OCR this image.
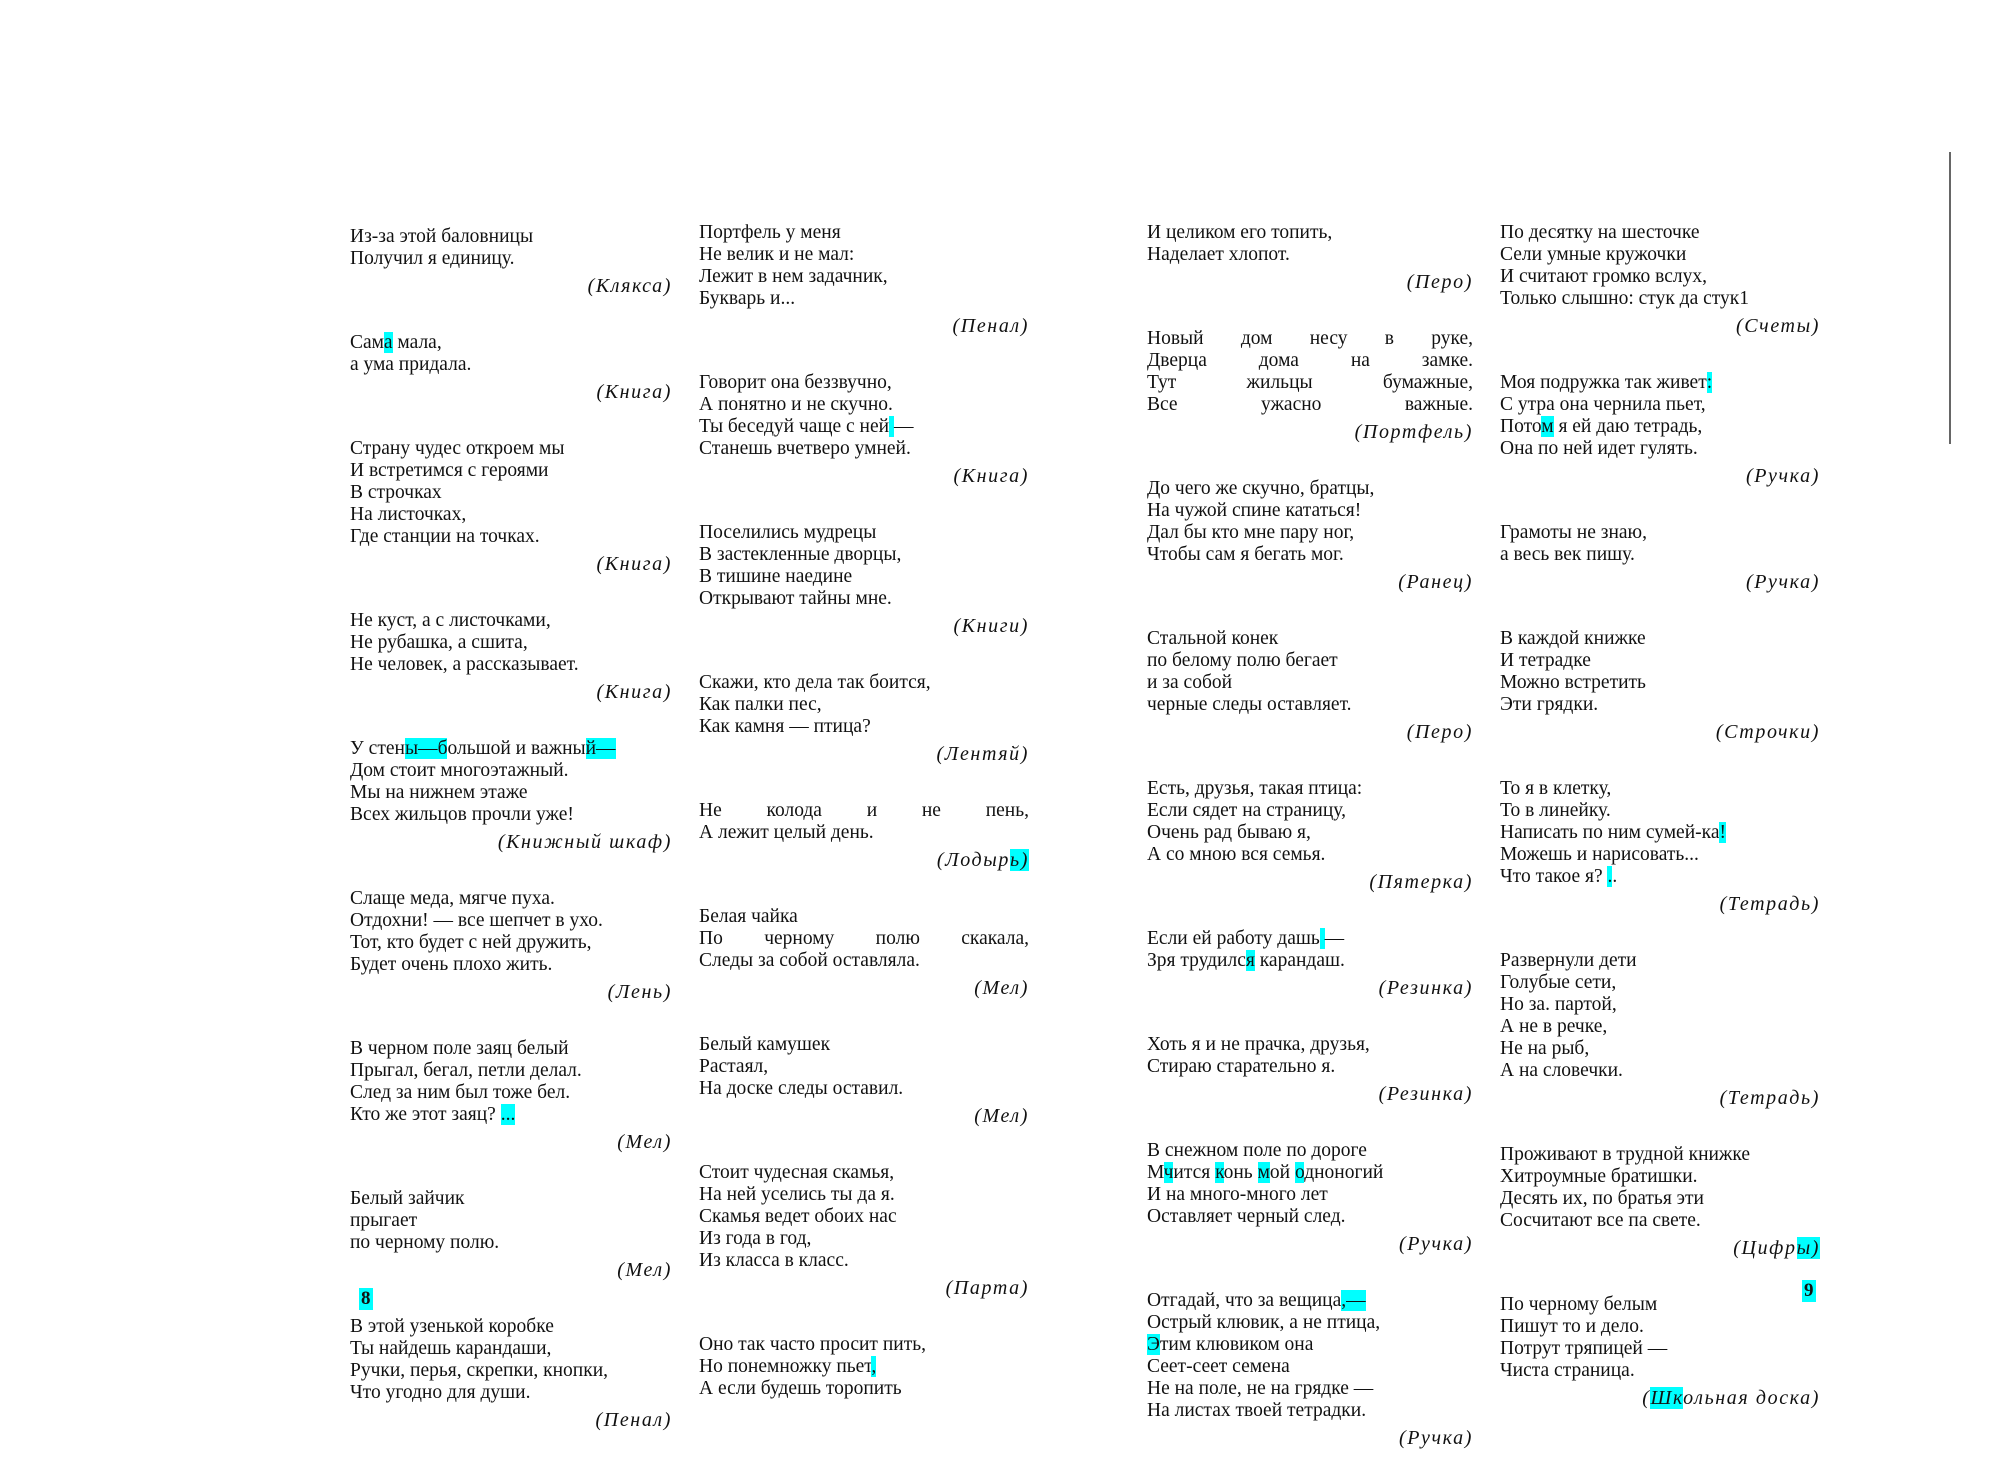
Из-за этой баловницы
Получил я единицу.
(Клякса)
Сама мала,
а ума придала.
(Книга)
Страну чудес откроем мы
И встретимся с героями
В строчках
На листочках,
Где станции на точках.
(Книга)
Не куст, а с листочками,
Не рубашка, а сшита,
Не человек, а рассказывает.
(Книга)
У стены—большой и важный—
Дом стоит многоэтажный.
Мы на нижнем этаже
Всех жильцов прочли уже!
(Книжный шкаф)
Слаще меда, мягче пуха.
Отдохни! — все шепчет в ухо.
Тот, кто будет с ней дружить,
Будет очень плохо жить.
(Лень)
В черном поле заяц белый
Прыгал, бегал, петли делал.
След за ним был тоже бел.
Кто же этот заяц? ...
(Мел)
Белый зайчик
прыгает
по черному полю.
(Мел)
В этой узенькой коробке
Ты найдешь карандаши,
Ручки, перья, скрепки, кнопки,
Что угодно для души.
(Пенал)
Портфель у меня
Не велик и не мал:
Лежит в нем задачник,
Букварь и...
(Пенал)
Говорит она беззвучно,
А понятно и не скучно.
Ты беседуй чаще с ней —
Станешь вчетверо умней.
(Книга)
Поселились мудрецы
В застекленные дворцы,
В тишине наедине
Открывают тайны мне.
(Книги)
Скажи, кто дела так боится,
Как палки пес,
Как камня — птица?
(Лентяй)
Не колода и не пень,
А лежит целый день.
(Лодырь)
Белая чайка
По черному полю скакала,
Следы за собой оставляла.
(Мел)
Белый камушек
Растаял,
На доске следы оставил.
(Мел)
Стоит чудесная скамья,
На ней уселись ты да я.
Скамья ведет обоих нас
Из года в год,
Из класса в класс.
(Парта)
Оно так часто просит пить,
Но понемножку пьет,
А если будешь торопить
И целиком его топить,
Наделает хлопот.
(Перо)
Новый дом несу в руке,
Дверца	дома	на	замке.
Тут	жильцы	бумажные,
Все	ужасно	важные.
(Портфель)
До чего же скучно, братцы,
На чужой спине кататься!
Дал бы кто мне пару ног,
Чтобы сам я бегать мог.
(Ранец)
Стальной конек
по белому полю бегает
и за собой
черные следы оставляет.
(Перо)
Есть, друзья, такая птица:
Если сядет на страницу,
Очень рад бываю я,
А со мною вся семья.
(Пятерка)
Если ей работу дашь —
Зря трудился карандаш.
(Резинка)
Хоть я и не прачка, друзья,
Стираю старательно я.
(Резинка)
В снежном поле по дороге
Мчится конь мой одноногий
И на много-много лет
Оставляет черный след.
(Ручка)
Отгадай, что за вещица,—
Острый клювик, а не птица,
Этим клювиком она
Сеет-сеет семена
Не на поле, не на грядке —
На листах твоей тетрадки.
(Ручка)
По десятку на шесточке
Сели умные кружочки
И считают громко вслух,
Только слышно: стук да стук1
(Счеты)
Моя подружка так живет:
С утра она чернила пьет,
Потом я ей даю тетрадь,
Она по ней идет гулять.
(Ручка)
Грамоты не знаю,
а весь век пишу.
(Ручка)
В каждой книжке
И тетрадке
Можно встретить
Эти грядки.
(Строчки)
То я в клетку,
То в линейку.
Написать по ним сумей-ка!
Можешь и нарисовать...
Что такое я? ..
(Тетрадь)
Развернули дети
Голубые сети,
Но за. партой,
А не в речке,
Не на рыб,
А на словечки.
(Тетрадь)
Проживают в трудной книжке
Хитроумные братишки.
Десять их, по братья эти
Сосчитают все па свете.
(Цифры)
По черному белым
Пишут то и дело.
Потрут тряпицей —
Чиста страница.
(Школьная доска)
8	9
